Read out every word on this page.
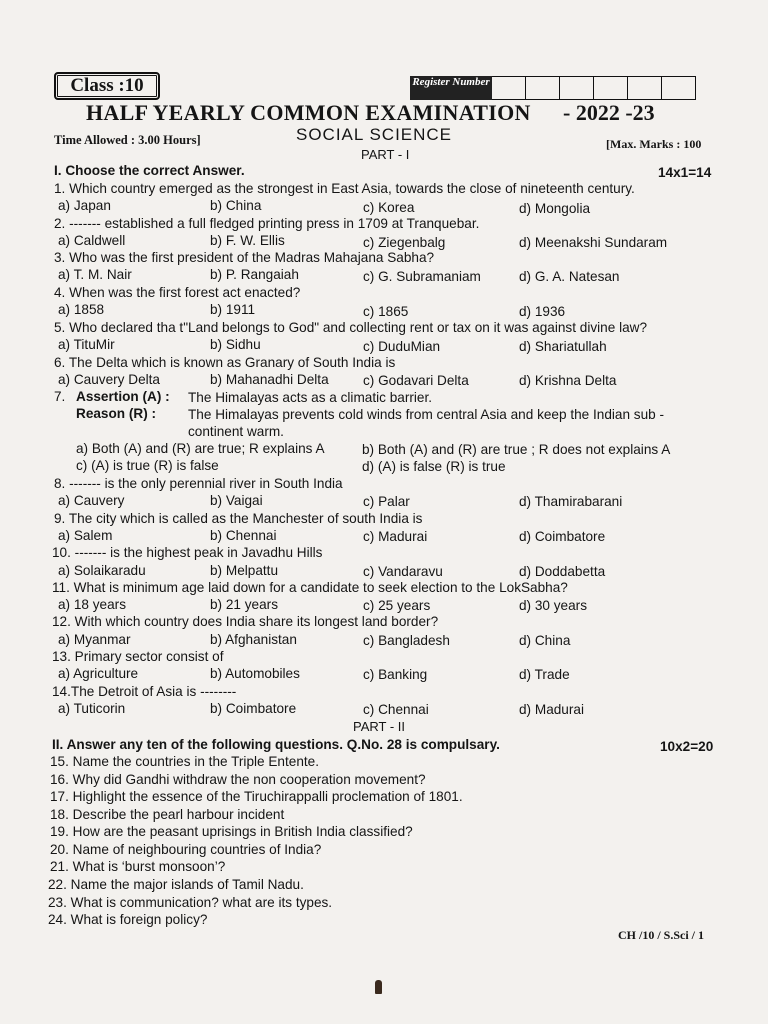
Class :10	Register Number
HALF YEARLY COMMON EXAMINATION - 2022 -23
Time Allowed : 3.00 Hours]	SOCIAL SCIENCE	[Max. Marks : 100
PART - I
I. Choose the correct Answer.	14x1=14
1. Which country emerged as the strongest in East Asia, towards the close of nineteenth century.
a) Japan	b) China	c) Korea	d) Mongolia
2. ------- established a full fledged printing press in 1709 at Tranquebar.
a) Caldwell	b) F. W. Ellis	c) Ziegenbalg	d) Meenakshi Sundaram
3. Who was the first president of the Madras Mahajana Sabha?
a) T. M. Nair	b) P. Rangaiah	c) G. Subramaniam	d) G. A. Natesan
4. When was the first forest act enacted?
a) 1858	b) 1911	c) 1865	d) 1936
5. Who declared tha t"Land belongs to God" and collecting rent or tax on it was against divine law?
a) TituMir	b) Sidhu	c) DuduMian	d) Shariatullah
6. The Delta which is known as Granary of South India is
a) Cauvery Delta	b) Mahanadhi Delta	c) Godavari Delta	d) Krishna Delta
7. Assertion (A) : The Himalayas acts as a climatic barrier.
Reason (R) : The Himalayas prevents cold winds from central Asia and keep the Indian sub -
continent warm.
a) Both (A) and (R) are true; R explains A	b) Both (A) and (R) are true ; R does not explains A
c) (A) is true (R) is false	d) (A) is false (R) is true
8. ------- is the only perennial river in South India
a) Cauvery	b) Vaigai	c) Palar	d) Thamirabarani
9. The city which is called as the Manchester of south India is
a) Salem	b) Chennai	c) Madurai	d) Coimbatore
10. ------- is the highest peak in Javadhu Hills
a) Solaikaradu	b) Melpattu	c) Vandaravu	d) Doddabetta
11. What is minimum age laid down for a candidate to seek election to the LokSabha?
a) 18 years	b) 21 years	c) 25 years	d) 30 years
12. With which country does India share its longest land border?
a) Myanmar	b) Afghanistan	c) Bangladesh	d) China
13. Primary sector consist of
a) Agriculture	b) Automobiles	c) Banking	d) Trade
14.The Detroit of Asia is --------
a) Tuticorin	b) Coimbatore	c) Chennai	d) Madurai
PART - II
II. Answer any ten of the following questions. Q.No. 28 is compulsary.	10x2=20
15. Name the countries in the Triple Entente.
16. Why did Gandhi withdraw the non cooperation movement?
17. Highlight the essence of the Tiruchirappalli proclemation of 1801.
18. Describe the pearl harbour incident
19. How are the peasant uprisings in British India classified?
20. Name of neighbouring countries of India?
21. What is ‘burst monsoon’?
22. Name the major islands of Tamil Nadu.
23. What is communication? what are its types.
24. What is foreign policy?
CH /10 / S.Sci / 1
